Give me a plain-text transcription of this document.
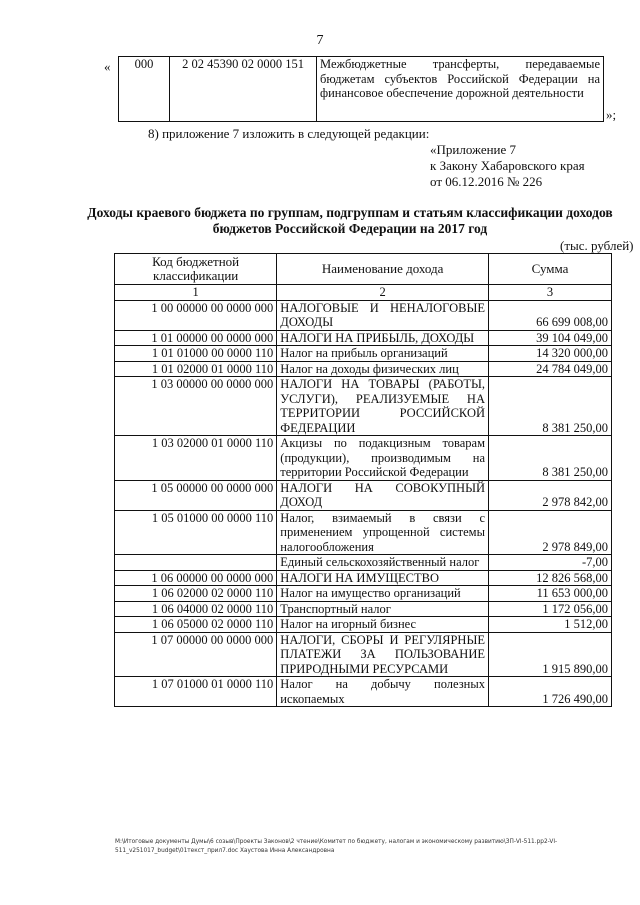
7
« 000	2 02 45390 02 0000 151	Межбюджетные трансферты, передаваемые бюджетам субъектов Российской Федерации на финансовое обеспечение дорожной деятельности
»;
8) приложение 7 изложить в следующей редакции:
«Приложение 7
к Закону Хабаровского края
от 06.12.2016 № 226
Доходы краевого бюджета по группам, подгруппам и статьям классификации доходов бюджетов Российской Федерации на 2017 год
(тыс. рублей)
Код бюджетной классификации	Наименование дохода	Сумма
1	2	3
1 00 00000 00 0000 000	НАЛОГОВЫЕ И НЕНАЛОГОВЫЕ ДОХОДЫ	66 699 008,00
1 01 00000 00 0000 000	НАЛОГИ НА ПРИБЫЛЬ, ДОХОДЫ	39 104 049,00
1 01 01000 00 0000 110	Налог на прибыль организаций	14 320 000,00
1 01 02000 01 0000 110	Налог на доходы физических лиц	24 784 049,00
1 03 00000 00 0000 000	НАЛОГИ НА ТОВАРЫ (РАБОТЫ, УСЛУГИ), РЕАЛИЗУЕМЫЕ НА ТЕРРИТОРИИ РОССИЙСКОЙ ФЕДЕРАЦИИ	8 381 250,00
1 03 02000 01 0000 110	Акцизы по подакцизным товарам (продукции), производимым на территории Российской Федерации	8 381 250,00
1 05 00000 00 0000 000	НАЛОГИ НА СОВОКУПНЫЙ ДОХОД	2 978 842,00
1 05 01000 00 0000 110	Налог, взимаемый в связи с применением упрощенной системы налогообложения	2 978 849,00
	Единый сельскохозяйственный налог	-7,00
1 06 00000 00 0000 000	НАЛОГИ НА ИМУЩЕСТВО	12 826 568,00
1 06 02000 02 0000 110	Налог на имущество организаций	11 653 000,00
1 06 04000 02 0000 110	Транспортный налог	1 172 056,00
1 06 05000 02 0000 110	Налог на игорный бизнес	1 512,00
1 07 00000 00 0000 000	НАЛОГИ, СБОРЫ И РЕГУЛЯРНЫЕ ПЛАТЕЖИ ЗА ПОЛЬЗОВАНИЕ ПРИРОДНЫМИ РЕСУРСАМИ	1 915 890,00
1 07 01000 01 0000 110	Налог на добычу полезных ископаемых	1 726 490,00
M:\Итоговые документы Думы\6 созыв\Проекты Законов\2 чтение\Комитет по бюджету, налогам и экономическому развитию\ЗП-VI-511.pp2-VI-511_v251017_budget\01текст_прил7.doc Хаустова Инна Александровна
